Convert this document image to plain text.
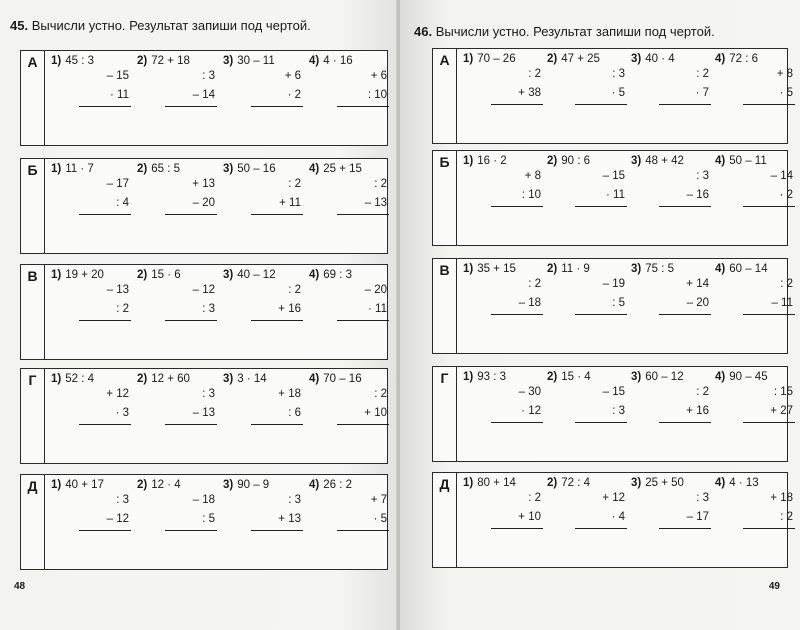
45. Вычисли устно. Результат запиши под чертой.
А	1) 45 : 3
– 15
· 11
2) 72 + 18
: 3
– 14
3) 30 – 11
+ 6
· 2
4) 4 · 16
+ 6
: 10
Б	1) 11 · 7
– 17
: 4
2) 65 : 5
+ 13
– 20
3) 50 – 16
: 2
+ 11
4) 25 + 15
: 2
– 13
В	1) 19 + 20
– 13
: 2
2) 15 · 6
– 12
: 3
3) 40 – 12
: 2
+ 16
4) 69 : 3
– 20
· 11
Г	1) 52 : 4
+ 12
· 3
2) 12 + 60
: 3
– 13
3) 3 · 14
+ 18
: 6
4) 70 – 16
: 2
+ 10
Д	1) 40 + 17
: 3
– 12
2) 12 · 4
– 18
: 5
3) 90 – 9
: 3
+ 13
4) 26 : 2
+ 7
· 5
48
46. Вычисли устно. Результат запиши под чертой.
А	1) 70 – 26
: 2
+ 38
2) 47 + 25
: 3
· 5
3) 40 · 4
: 2
· 7
4) 72 : 6
+ 8
· 5
Б	1) 16 · 2
+ 8
: 10
2) 90 : 6
– 15
· 11
3) 48 + 42
: 3
– 16
4) 50 – 11
– 14
· 2
В	1) 35 + 15
: 2
– 18
2) 11 · 9
– 19
: 5
3) 75 : 5
+ 14
– 20
4) 60 – 14
: 2
– 11
Г	1) 93 : 3
– 30
· 12
2) 15 · 4
– 15
: 3
3) 60 – 12
: 2
+ 16
4) 90 – 45
: 15
+ 27
Д	1) 80 + 14
: 2
+ 10
2) 72 : 4
+ 12
· 4
3) 25 + 50
: 3
– 17
4) 4 · 13
+ 18
: 2
49
